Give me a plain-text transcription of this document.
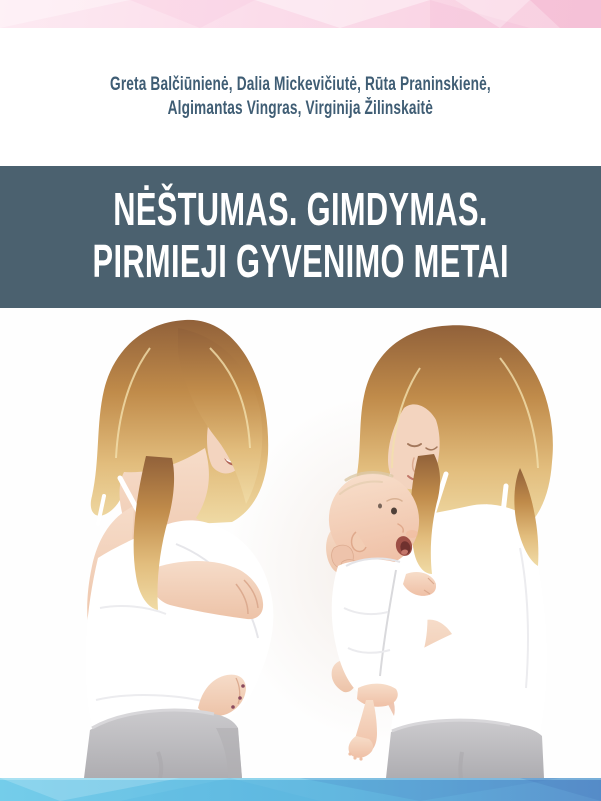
Greta Balčiūnienė, Dalia Mickevičiutė, Rūta Praninskienė,
Algimantas Vingras, Virginija Žilinskaitė
NĖŠTUMAS. GIMDYMAS.
PIRMIEJI GYVENIMO METAI
